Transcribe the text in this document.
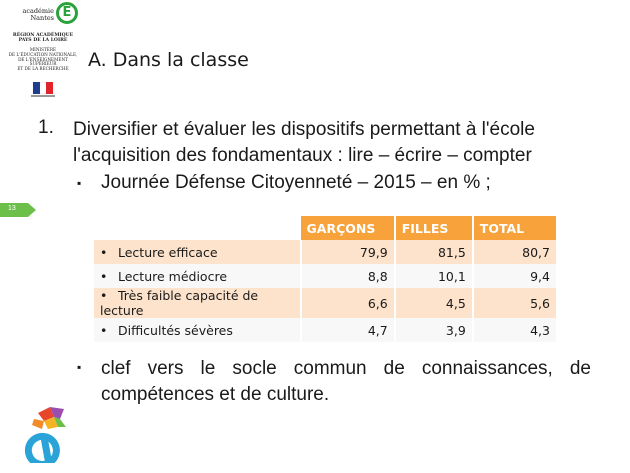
académie
Nantes É
RÉGION ACADÉMIQUE
PAYS DE LA LOIRE
MINISTÈRE
DE L'ÉDUCATION NATIONALE,
DE L'ENSEIGNEMENT SUPÉRIEUR
ET DE LA RECHERCHE	A. Dans la classe
13
1. Diversifier et évaluer les dispositifs permettant à l'école l'acquisition des fondamentaux : lire – écrire – compter
▪ Journée Défense Citoyenneté – 2015 – en % ;
	GARÇONS	FILLES	TOTAL
• Lecture efficace	79,9	81,5	80,7
• Lecture médiocre	8,8	10,1	9,4
• Très faible capacité de lecture	6,6	4,5	5,6
• Difficultés sévères	4,7	3,9	4,3
▪ clef vers le socle commun de connaissances, de compétences et de culture.
